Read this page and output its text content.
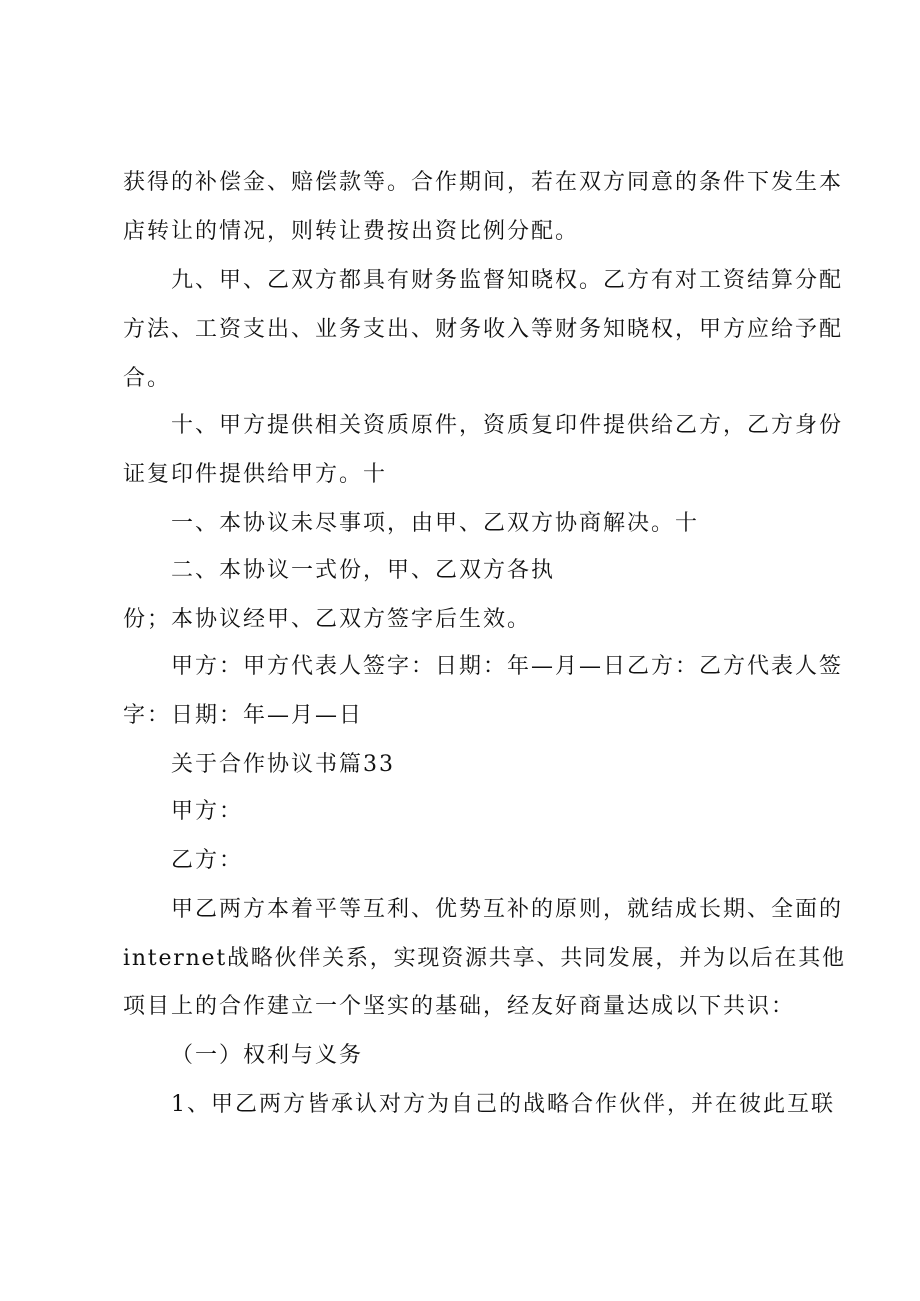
获得的补偿金、赔偿款等。合作期间，若在双方同意的条件下发生本
店转让的情况，则转让费按出资比例分配。
九、甲、乙双方都具有财务监督知晓权。乙方有对工资结算分配
方法、工资支出、业务支出、财务收入等财务知晓权，甲方应给予配
合。
十、甲方提供相关资质原件，资质复印件提供给乙方，乙方身份
证复印件提供给甲方。十
一、本协议未尽事项，由甲、乙双方协商解决。十
二、本协议一式份，甲、乙双方各执
份；本协议经甲、乙双方签字后生效。
甲方：甲方代表人签字：日期：年—月—日乙方：乙方代表人签
字：日期：年—月—日
关于合作协议书篇33
甲方：
乙方：
甲乙两方本着平等互利、优势互补的原则，就结成长期、全面的
internet战略伙伴关系，实现资源共享、共同发展，并为以后在其他
项目上的合作建立一个坚实的基础，经友好商量达成以下共识：
（一）权利与义务
1、甲乙两方皆承认对方为自己的战略合作伙伴，并在彼此互联
